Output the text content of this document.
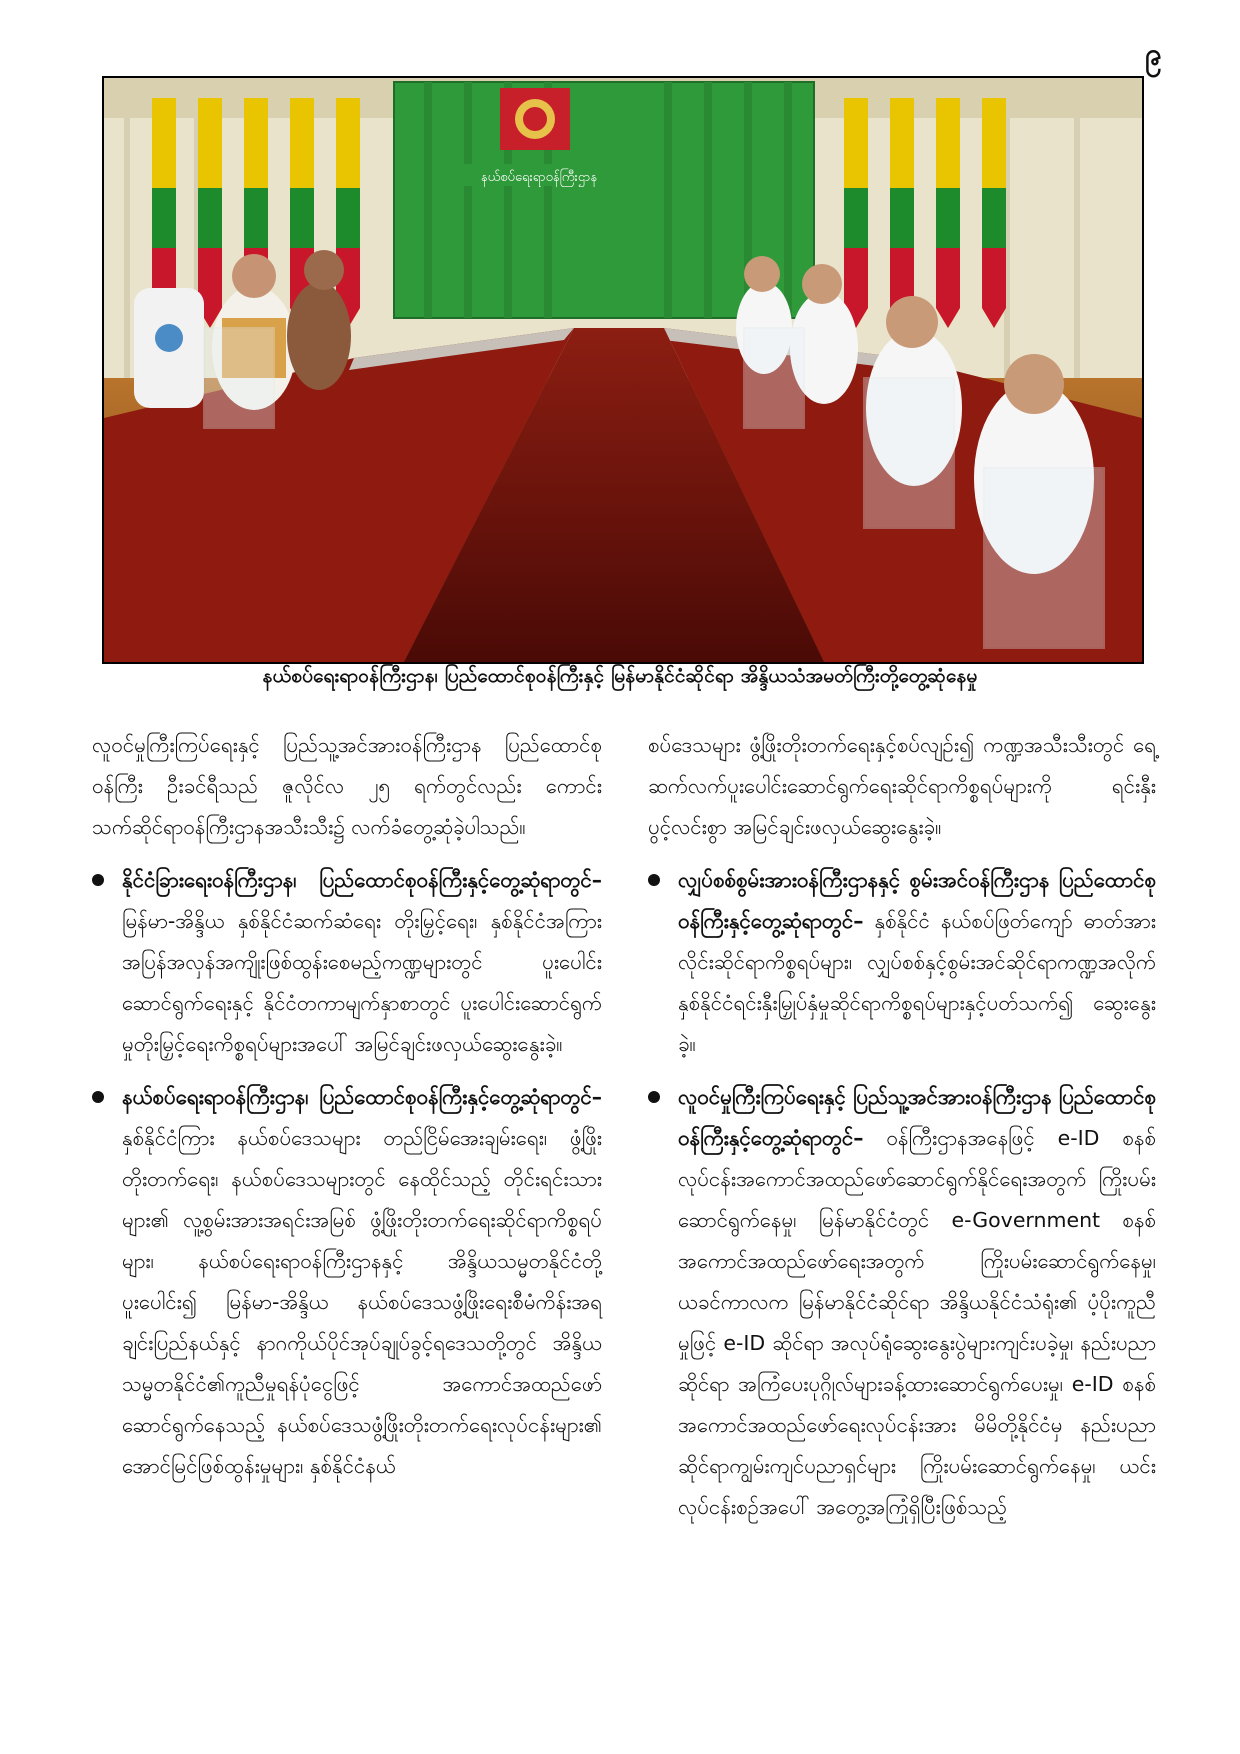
၉
နယ်စပ်ရေးရာဝန်ကြီးဌာန
နယ်စပ်ရေးရာဝန်ကြီးဌာန၊ ပြည်ထောင်စုဝန်ကြီးနှင့် မြန်မာနိုင်ငံဆိုင်ရာ အိန္ဒိယသံအမတ်ကြီးတို့တွေ့ဆုံနေမှု

လူဝင်မှုကြီးကြပ်ရေးနှင့် ပြည်သူ့အင်အားဝန်ကြီးဌာန ပြည်ထောင်စုဝန်ကြီး ဦးခင်ရီသည် ဇူလိုင်လ ၂၅ ရက်တွင်လည်း ကောင်း သက်ဆိုင်ရာဝန်ကြီးဌာနအသီးသီး၌ လက်ခံတွေ့ဆုံခဲ့ပါသည်။

နိုင်ငံခြားရေးဝန်ကြီးဌာန၊ ပြည်ထောင်စုဝန်ကြီးနှင့်တွေ့ဆုံရာတွင်– မြန်မာ-အိန္ဒိယ နှစ်နိုင်ငံဆက်ဆံရေး တိုးမြှင့်ရေး၊ နှစ်နိုင်ငံအကြား အပြန်အလှန်အကျိုးဖြစ်ထွန်းစေမည့်ကဏ္ဍများတွင် ပူးပေါင်းဆောင်ရွက်ရေးနှင့် နိုင်ငံတကာမျက်နှာစာတွင် ပူးပေါင်းဆောင်ရွက်မှုတိုးမြှင့်ရေးကိစ္စရပ်များအပေါ် အမြင်ချင်းဖလှယ်ဆွေးနွေးခဲ့။
နယ်စပ်ရေးရာဝန်ကြီးဌာန၊ ပြည်ထောင်စုဝန်ကြီးနှင့်တွေ့ဆုံရာတွင်– နှစ်နိုင်ငံကြား နယ်စပ်ဒေသများ တည်ငြိမ်အေးချမ်းရေး၊ ဖွံ့ဖြိုးတိုးတက်ရေး၊ နယ်စပ်ဒေသများတွင် နေထိုင်သည့် တိုင်းရင်းသားများ၏ လူ့စွမ်းအားအရင်းအမြစ် ဖွံ့ဖြိုးတိုးတက်ရေးဆိုင်ရာကိစ္စရပ်များ၊ နယ်စပ်ရေးရာဝန်ကြီးဌာနနှင့် အိန္ဒိယသမ္မတနိုင်ငံတို့ ပူးပေါင်း၍ မြန်မာ-အိန္ဒိယ နယ်စပ်ဒေသဖွံ့ဖြိုးရေးစီမံကိန်းအရ ချင်းပြည်နယ်နှင့် နာဂကိုယ်ပိုင်အုပ်ချုပ်ခွင့်ရဒေသတို့တွင် အိန္ဒိယသမ္မတနိုင်ငံ၏ကူညီမှုရန်ပုံငွေဖြင့် အကောင်အထည်ဖော်ဆောင်ရွက်နေသည့် နယ်စပ်ဒေသဖွံ့ဖြိုးတိုးတက်ရေးလုပ်ငန်းများ၏ အောင်မြင်ဖြစ်ထွန်းမှုများ၊ နှစ်နိုင်ငံနယ်

စပ်ဒေသများ ဖွံ့ဖြိုးတိုးတက်ရေးနှင့်စပ်လျဉ်း၍ ကဏ္ဍအသီးသီးတွင် ရေ့ဆက်လက်ပူးပေါင်းဆောင်ရွက်ရေးဆိုင်ရာကိစ္စရပ်များကို ရင်းနှီးပွင့်လင်းစွာ အမြင်ချင်းဖလှယ်ဆွေးနွေးခဲ့။

လျှပ်စစ်စွမ်းအားဝန်ကြီးဌာနနှင့် စွမ်းအင်ဝန်ကြီးဌာန ပြည်ထောင်စုဝန်ကြီးနှင့်တွေ့ဆုံရာတွင်– နှစ်နိုင်ငံ နယ်စပ်ဖြတ်ကျော် ဓာတ်အားလိုင်းဆိုင်ရာကိစ္စရပ်များ၊ လျှပ်စစ်နှင့်စွမ်းအင်ဆိုင်ရာကဏ္ဍအလိုက် နှစ်နိုင်ငံရင်းနှီးမြှုပ်နှံမှုဆိုင်ရာကိစ္စရပ်များနှင့်ပတ်သက်၍ ဆွေးနွေးခဲ့။
လူဝင်မှုကြီးကြပ်ရေးနှင့် ပြည်သူ့အင်အားဝန်ကြီးဌာန ပြည်ထောင်စုဝန်ကြီးနှင့်တွေ့ဆုံရာတွင်– ဝန်ကြီးဌာနအနေဖြင့် e-ID စနစ် လုပ်ငန်းအကောင်အထည်ဖော်ဆောင်ရွက်နိုင်ရေးအတွက် ကြိုးပမ်းဆောင်ရွက်နေမှု၊ မြန်မာနိုင်ငံတွင် e-Government စနစ် အကောင်အထည်ဖော်ရေးအတွက် ကြိုးပမ်းဆောင်ရွက်နေမှု၊ ယခင်ကာလက မြန်မာနိုင်ငံဆိုင်ရာ အိန္ဒိယနိုင်ငံသံရုံး၏ ပံ့ပိုးကူညီမှုဖြင့် e-ID ဆိုင်ရာ အလုပ်ရုံဆွေးနွေးပွဲများကျင်းပခဲ့မှု၊ နည်းပညာဆိုင်ရာ အကြံပေးပုဂ္ဂိုလ်များခန့်ထားဆောင်ရွက်ပေးမှု၊ e-ID စနစ် အကောင်အထည်ဖော်ရေးလုပ်ငန်းအား မိမိတို့နိုင်ငံမှ နည်းပညာဆိုင်ရာကျွမ်းကျင်ပညာရှင်များ ကြိုးပမ်းဆောင်ရွက်နေမှု၊ ယင်းလုပ်ငန်းစဉ်အပေါ် အတွေ့အကြုံရှိပြီးဖြစ်သည့်
